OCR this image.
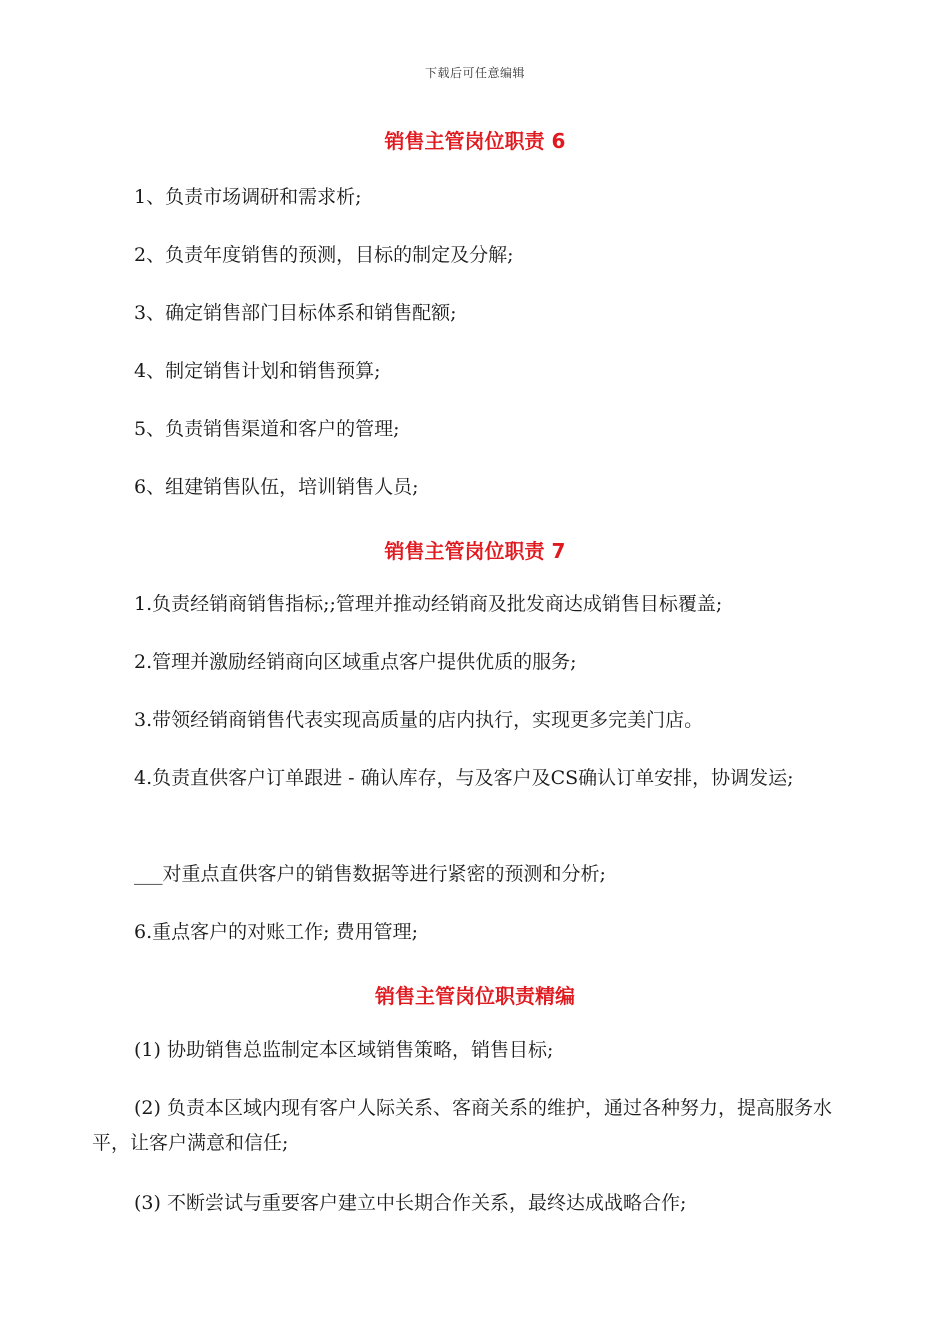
下载后可任意编辑
销售主管岗位职责 6
1、负责市场调研和需求析;
2、负责年度销售的预测，目标的制定及分解;
3、确定销售部门目标体系和销售配额;
4、制定销售计划和销售预算;
5、负责销售渠道和客户的管理;
6、组建销售队伍，培训销售人员;
销售主管岗位职责 7
1.负责经销商销售指标;;管理并推动经销商及批发商达成销售目标覆盖;
2.管理并激励经销商向区域重点客户提供优质的服务;
3.带领经销商销售代表实现高质量的店内执行，实现更多完美门店。
4.负责直供客户订单跟进 - 确认库存，与及客户及CS确认订单安排，协调发运;
___对重点直供客户的销售数据等进行紧密的预测和分析;
6.重点客户的对账工作; 费用管理;
销售主管岗位职责精编
(1) 协助销售总监制定本区域销售策略，销售目标;
(2) 负责本区域内现有客户人际关系、客商关系的维护，通过各种努力，提高服务水平，让客户满意和信任;
(3) 不断尝试与重要客户建立中长期合作关系，最终达成战略合作;
